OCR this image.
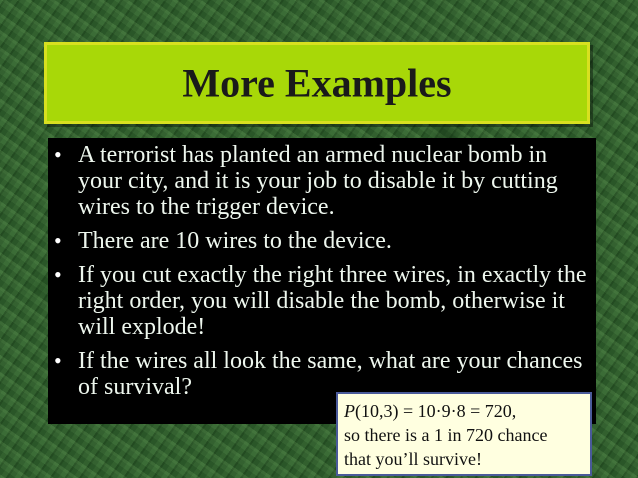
More Examples
• A terrorist has planted an armed nuclear bomb in your city, and it is your job to disable it by cutting wires to the trigger device.
• There are 10 wires to the device.
• If you cut exactly the right three wires, in exactly the right order, you will disable the bomb, otherwise it will explode!
• If the wires all look the same, what are your chances of survival?
P(10,3) = 10·9·8 = 720,
so there is a 1 in 720 chance
that you’ll survive!
